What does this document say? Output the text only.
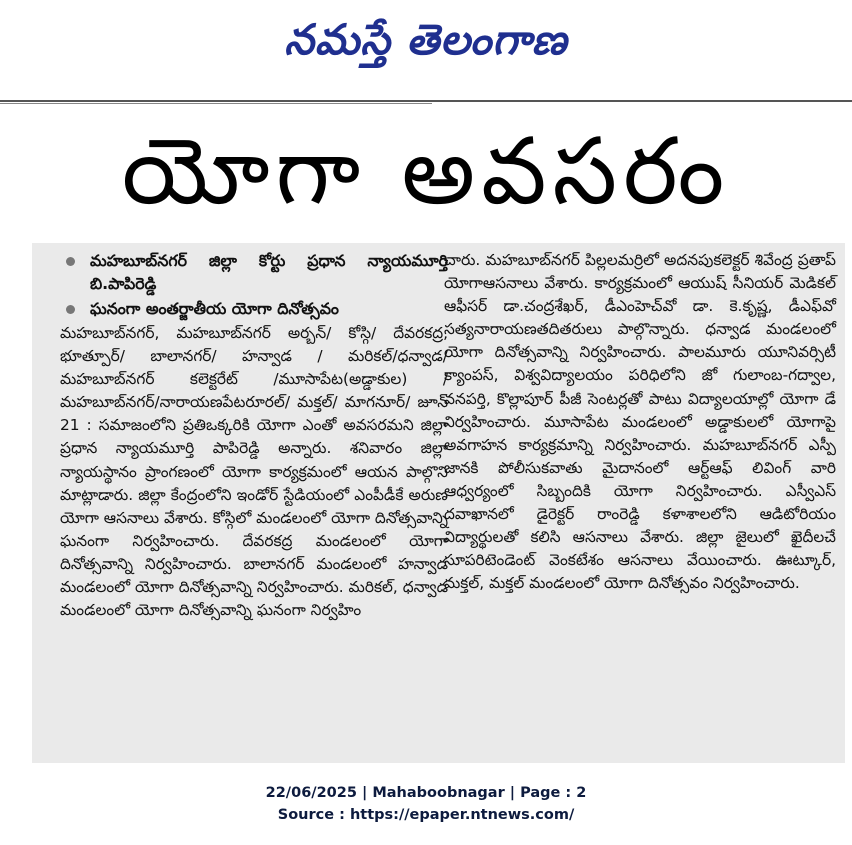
నమస్తే తెలంగాణ
యోగా అవసరం
మహబూబ్‌నగర్ జిల్లా కోర్టు ప్రధాన న్యాయమూర్తి బి.పాపిరెడ్డి
ఘనంగా అంతర్జాతీయ యోగా దినోత్సవం
మహబూబ్‌నగర్, మహబూబ్‌నగర్ అర్బన్/ కోస్గి/ దేవరకద్ర, భూత్పూర్/ బాలానగర్/ హన్వాడ / మరికల్/ధన్వాడ/మహబూబ్‌నగర్ కలెక్టరేట్ /మూసాపేట(అడ్డాకుల) /మహబూబ్‌నగర్/నారాయణపేటరూరల్/ మక్తల్/ మాగనూర్/ జూన్ 21 : సమాజంలోని ప్రతిఒక్కరికి యోగా ఎంతో అవసరమని జిల్లా ప్రధాన న్యాయమూర్తి పాపిరెడ్డి అన్నారు. శనివారం జిల్లా న్యాయస్థానం ప్రాంగణంలో యోగా కార్యక్రమంలో ఆయన పాల్గొని మాట్లాడారు. జిల్లా కేంద్రంలోని ఇండోర్ స్టేడియంలో ఎంపీడీకే అరుణ యోగా ఆసనాలు వేశారు. కోస్గిలో మండలంలో యోగా దినోత్సవాన్ని ఘనంగా నిర్వహించారు. దేవరకద్ర మండలంలో యోగా దినోత్సవాన్ని నిర్వహించారు. బాలానగర్ మండలంలో హన్వాడ మండలంలో యోగా దినోత్సవాన్ని నిర్వహించారు. మరికల్, ధన్వాడ మండలంలో యోగా దినోత్సవాన్ని ఘనంగా నిర్వహిం
చారు. మహబూబ్‌నగర్ పిల్లలమర్రిలో అదనపుకలెక్టర్ శివేంద్ర ప్రతాప్ యోగాఆసనాలు వేశారు. కార్యక్రమంలో ఆయుష్ సీనియర్ మెడికల్ ఆఫీసర్ డా.చంద్రశేఖర్, డీఎంహెచ్‌వో డా. కె.కృష్ణ, డీఎఫ్‌వో సత్యనారాయణతదితరులు పాల్గొన్నారు. ధన్వాడ మండలంలో యోగా దినోత్సవాన్ని నిర్వహించారు. పాలమూరు యూనివర్సిటీ క్యాంపస్, విశ్వవిద్యాలయం పరిధిలోని జో గులాంబ-గద్వాల, వనపర్తి, కొల్లాపూర్ పీజీ సెంటర్లతో పాటు విద్యాలయాల్లో యోగా డే నిర్వహించారు. మూసాపేట మండలంలో అడ్డాకులలో యోగాపై అవగాహన కార్యక్రమాన్ని నిర్వహించారు. మహబూబ్‌నగర్ ఎస్పీ జానకి పోలీసుకవాతు మైదానంలో ఆర్ట్‌ఆఫ్ లివింగ్ వారి ఆధ్వర్యంలో సిబ్బందికి యోగా నిర్వహించారు. ఎస్వీఎస్ దవాఖానలో డైరెక్టర్ రాంరెడ్డి కళాశాలలోని ఆడిటోరియం విద్యార్థులతో కలిసి ఆసనాలు వేశారు. జిల్లా జైలులో ఖైదీలచే సూపరిటెండెంట్ వెంకటేశం ఆసనాలు వేయించారు. ఊట్కూర్, మక్తల్, మక్తల్ మండలంలో యోగా దినోత్సవం నిర్వహించారు.
22/06/2025 | Mahaboobnagar | Page : 2
Source : https://epaper.ntnews.com/
